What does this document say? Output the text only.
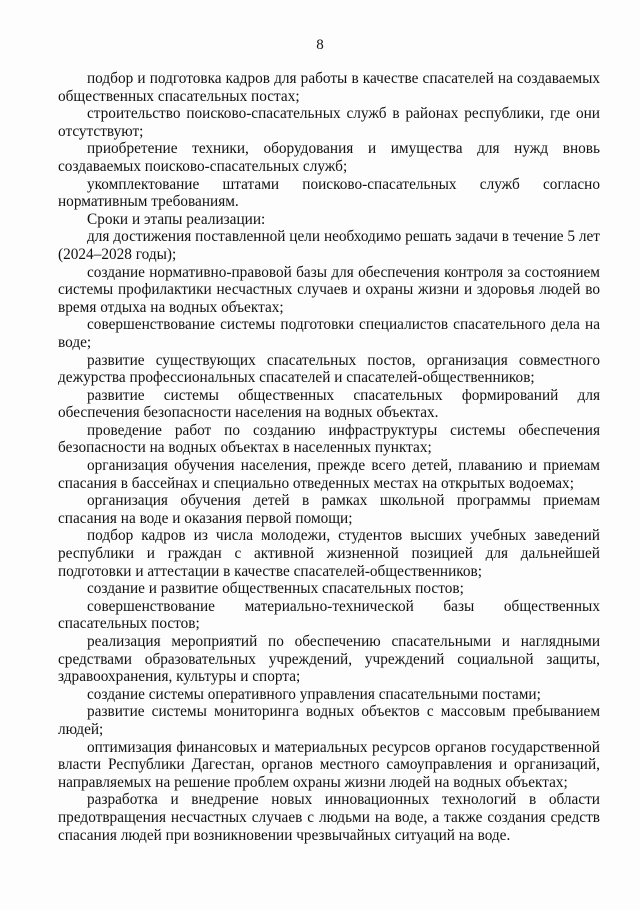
8

подбор и подготовка кадров для работы в качестве спасателей на создаваемых общественных спасательных постах;

строительство поисково-спасательных служб в районах республики, где они отсутствуют;

приобретение техники, оборудования и имущества для нужд вновь создаваемых поисково-спасательных служб;

укомплектование штатами поисково-спасательных служб согласно нормативным требованиям.

Сроки и этапы реализации:

для достижения поставленной цели необходимо решать задачи в течение 5 лет (2024–2028 годы);

создание нормативно-правовой базы для обеспечения контроля за состоянием системы профилактики несчастных случаев и охраны жизни и здоровья людей во время отдыха на водных объектах;

совершенствование системы подготовки специалистов спасательного дела на воде;

развитие существующих спасательных постов, организация совместного дежурства профессиональных спасателей и спасателей-общественников;

развитие системы общественных спасательных формирований для обеспечения безопасности населения на водных объектах.

проведение работ по созданию инфраструктуры системы обеспечения безопасности на водных объектах в населенных пунктах;

организация обучения населения, прежде всего детей, плаванию и приемам спасания в бассейнах и специально отведенных местах на открытых водоемах;

организация обучения детей в рамках школьной программы приемам спасания на воде и оказания первой помощи;

подбор кадров из числа молодежи, студентов высших учебных заведений республики и граждан с активной жизненной позицией для дальнейшей подготовки и аттестации в качестве спасателей-общественников;

создание и развитие общественных спасательных постов;

совершенствование материально-технической базы общественных спасательных постов;

реализация мероприятий по обеспечению спасательными и наглядными средствами образовательных учреждений, учреждений социальной защиты, здравоохранения, культуры и спорта;

создание системы оперативного управления спасательными постами;

развитие системы мониторинга водных объектов с массовым пребыванием людей;

оптимизация финансовых и материальных ресурсов органов государственной власти Республики Дагестан, органов местного самоуправления и организаций, направляемых на решение проблем охраны жизни людей на водных объектах;

разработка и внедрение новых инновационных технологий в области предотвращения несчастных случаев с людьми на воде, а также создания средств спасания людей при возникновении чрезвычайных ситуаций на воде.
